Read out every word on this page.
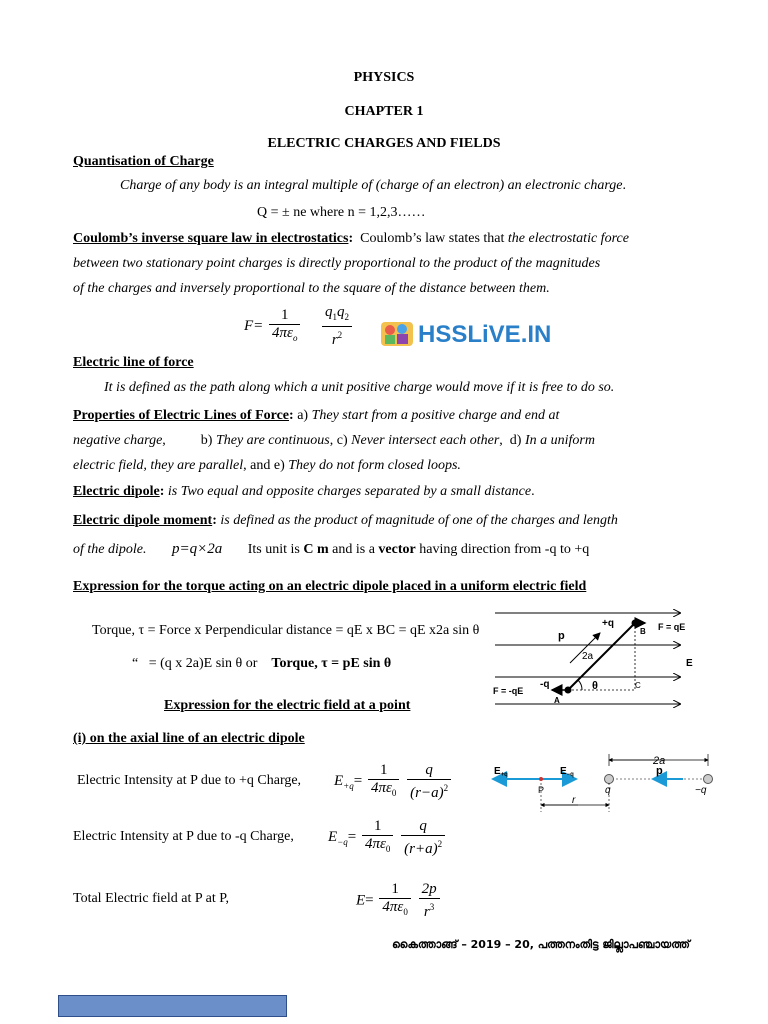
PHYSICS
CHAPTER 1
ELECTRIC CHARGES AND FIELDS
Quantisation of Charge
Charge of any body is an integral multiple of (charge of an electron) an electronic charge.
Q = ± ne where n = 1,2,3……
Coulomb’s inverse square law in electrostatics: Coulomb’s law states that the electrostatic force
between two stationary point charges is directly proportional to the product of the magnitudes
of the charges and inversely proportional to the square of the distance between them.
$F= \frac{1}{4\pi\varepsilon_o}$
$\frac{q_1q_2}{r^2}$	HSSLiVE.IN
Electric line of force
It is defined as the path along which a unit positive charge would move if it is free to do so.
Properties of Electric Lines of Force: a) They start from a positive charge and end at
negative charge,          b) They are continuous, c) Never intersect each other,  d) In a uniform
electric field, they are parallel, and e) They do not form closed loops.
Electric dipole: is Two equal and opposite charges separated by a small distance.
Electric dipole moment: is defined as the product of magnitude of one of the charges and length
of the dipole. p=q×2a Its unit is C m and is a vector having direction from -q to +q
Expression for the torque acting on an electric dipole placed in a uniform electric field
Torque, τ = Force x Perpendicular distance = qE x BC = qE x2a sin θ
“ = (q x 2a)E sin θ or Torque, τ = pE sin θ
p
+q
B F = qE
2a
E
-q	θ	C
F = -qE
A
Expression for the electric field at a point
(i) on the axial line of an electric dipole
Electric Intensity at P due to +q Charge, $E_{+q}= \frac{1}{4\pi\varepsilon_0}$
$\frac{q}{(r-a)^2}$
Electric Intensity at P due to -q Charge, $E_{-q}= \frac{1}{4\pi\varepsilon_0}$
$\frac{q}{(r+a)^2}$
Total Electric field at P at P,	$E= \frac{1}{4\pi\varepsilon_0}$
$\frac{2p}{r^3}$
$E_{+q}$	$E_{-q}$
2a
p
P	q	−q
r
കൈത്താങ്ങ് – 2019 – 20, പത്തനംതിട്ട ജില്ലാപഞ്ചായത്ത്
